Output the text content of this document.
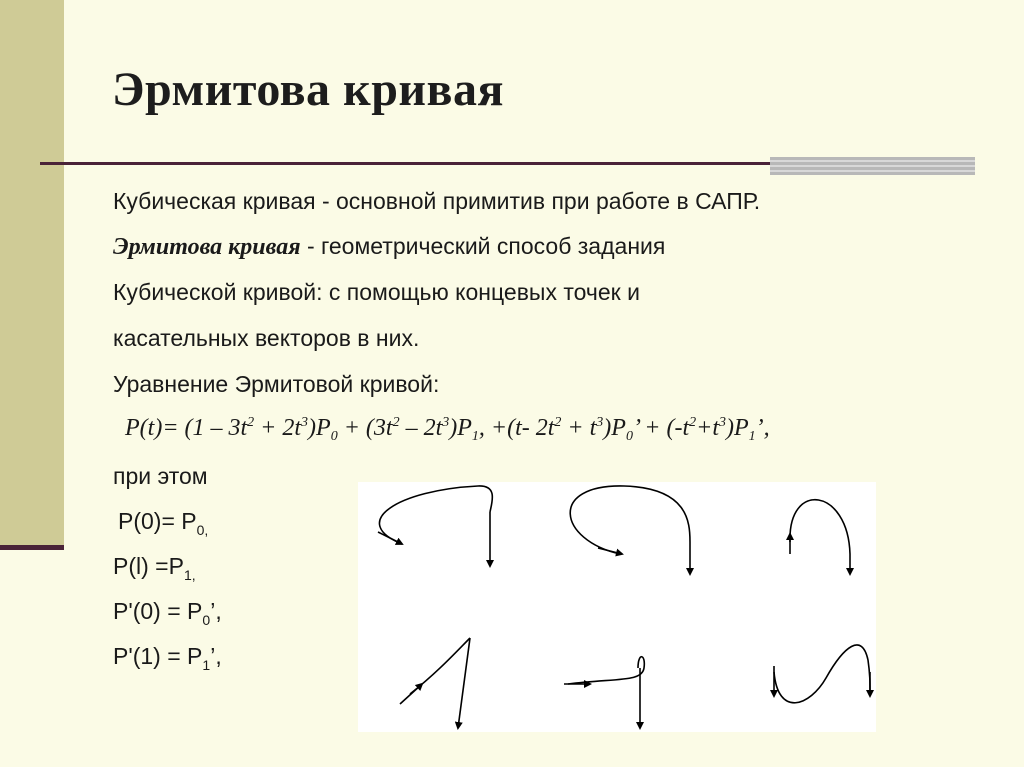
Эрмитова кривая
Кубическая кривая - основной примитив при работе в САПР.
Эрмитова кривая - геометрический способ задания
Кубической кривой: с помощью концевых точек и
касательных векторов в них.
Уравнение Эрмитовой кривой:
$P(t)= (1 - 3t^2 + 2t^3)P_0 + (3t^2 - 2t^3)P_1$, +(t- $2t^2 + t^3)P_0$’ + $(-t^2+t^3)P_1$’,
при этом
$P(0)= P_{0,}$
$P(l) =P_{1,}$
$P'(0) = P_0$’,
$P'(1) = P_1$’,
